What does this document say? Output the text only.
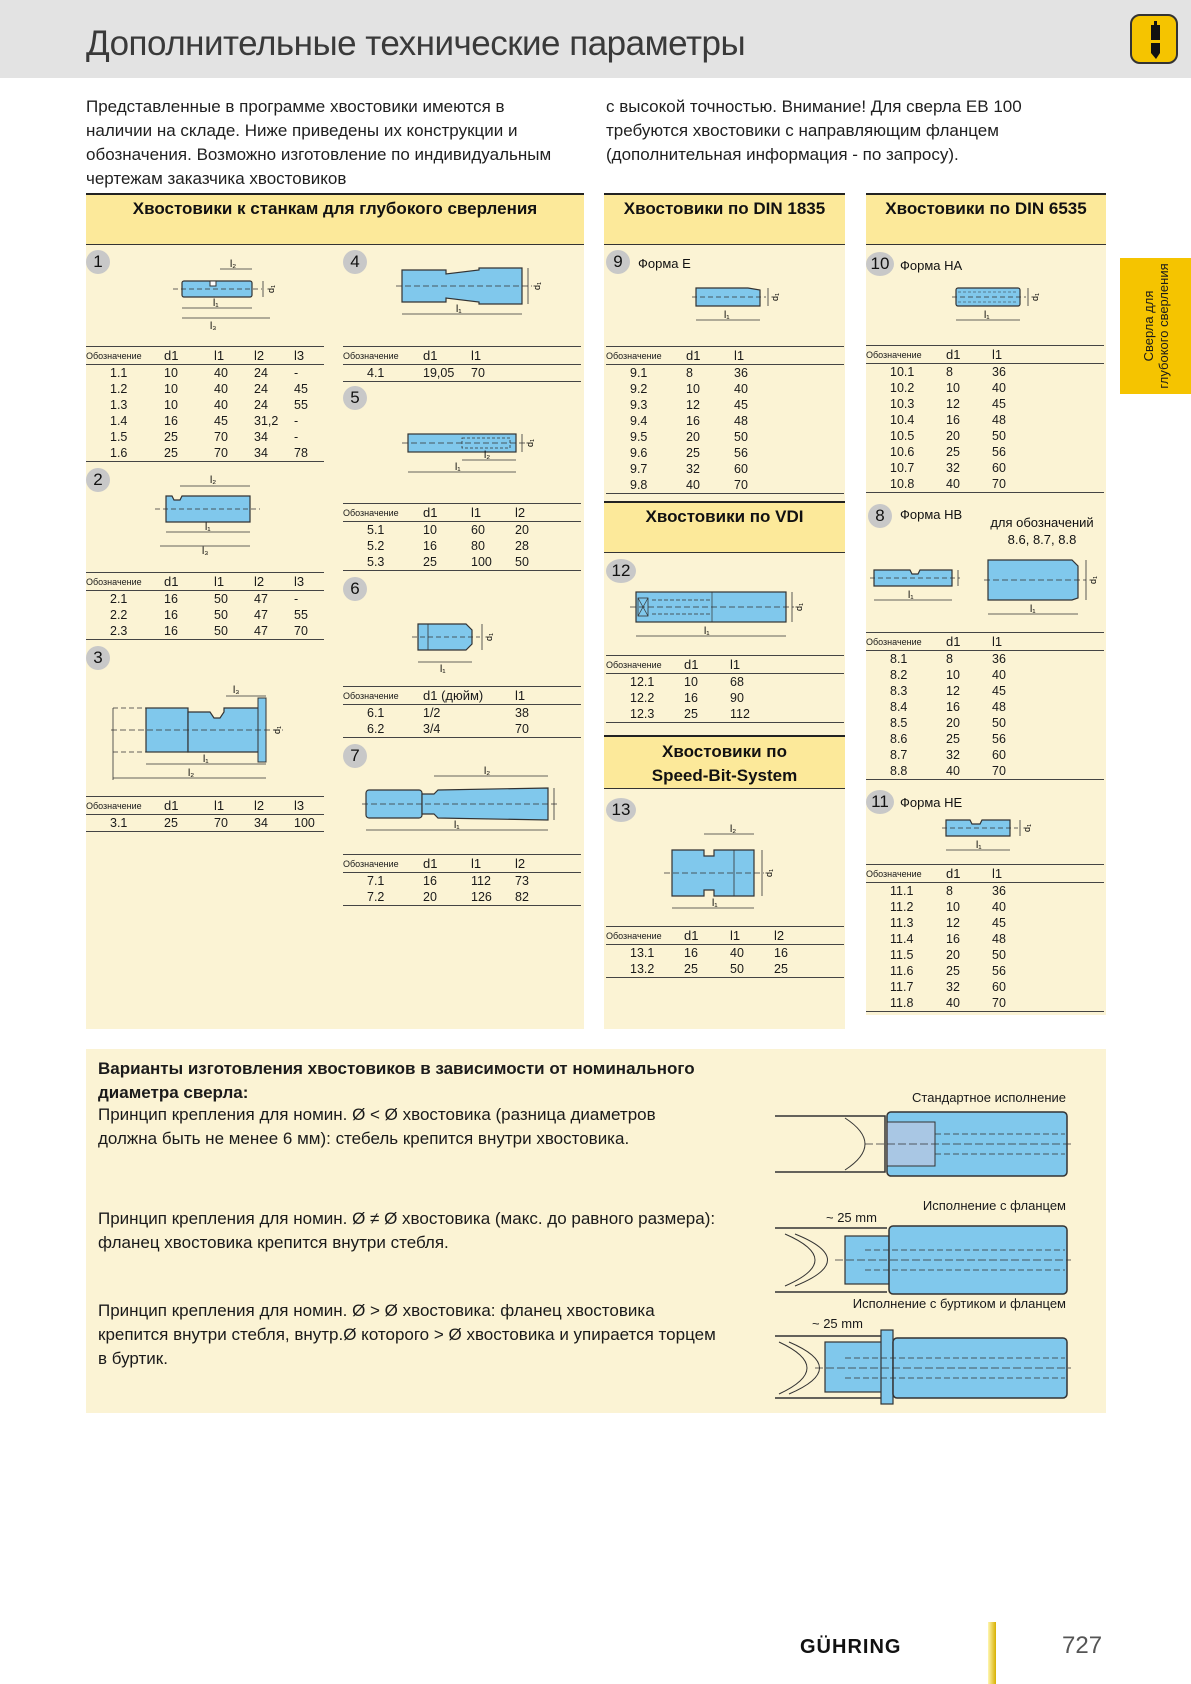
Дополнительные технические параметры

Представленные в программе хвостовики имеются в наличии на складе. Ниже приведены их конструкции и обозначения. Возможно изготовление по индивидуальным чертежам заказчика хвостовиков

с высокой точностью. Внимание! Для сверла EB 100 требуются хвостовики с направляющим фланцем (дополнительная информация - по запросу).

Сверла для глубокого сверления
Хвостовики к станкам для глубокого сверления	Хвостовики по DIN 1835	Хвостовики по DIN 6535
Хвостовики по VDI
Хвостовики по
Speed-Bit-System
1	l₂
l₁
l₃
d₁
Обозначение	d1	l1	l2	l3
1.1	10	40	24	-
1.2	10	40	24	45
1.3	10	40	24	55
1.4	16	45	31,2	-
1.5	25	70	34	-
1.6	25	70	34	78
2	l₂
l₁
l₃
Обозначение	d1	l1	l2	l3
2.1	16	50	47	-
2.2	16	50	47	55
2.3	16	50	47	70
3
l₃
l₁
l₂
d₁
Обозначение	d1	l1	l2	l3
3.1	25	70	34	100
4
l₁
d₁
Обозначение	d1	l1
4.1	19,05	70
5
l₂
l₁
d₁
Обозначение	d1	l1	l2
5.1	10	60	20
5.2	16	80	28
5.3	25	100	50
6
l₁
d₁
Обозначение	d1 (дюйм)	l1
6.1	1/2	38
6.2	3/4	70
7
l₂
l₁
Обозначение	d1	l1	l2
7.1	16	112	73
7.2	20	126	82
9	Форма E
l₁
d₁
Обозначение	d1	l1
9.1	8	36
9.2	10	40
9.3	12	45
9.4	16	48
9.5	20	50
9.6	25	56
9.7	32	60
9.8	40	70
12
l₁
d₁
Обозначение	d1	l1
12.1	10	68
12.2	16	90
12.3	25	112
13
l₂
l₁
d₁
Обозначение	d1	l1	l2
13.1	16	40	16
13.2	25	50	25
10 Форма HA
l₁
d₁
Обозначение	d1	l1
10.1	8	36
10.2	10	40
10.3	12	45
10.4	16	48
10.5	20	50
10.6	25	56
10.7	32	60
10.8	40	70
8	Форма HB
для обозначений 8.6, 8.7, 8.8
l₁
l₁
d₁
Обозначение	d1	l1
8.1	8	36
8.2	10	40
8.3	12	45
8.4	16	48
8.5	20	50
8.6	25	56
8.7	32	60
8.8	40	70
11 Форма HE
l₁
d₁
Обозначение	d1	l1
11.1	8	36
11.2	10	40
11.3	12	45
11.4	16	48
11.5	20	50
11.6	25	56
11.7	32	60
11.8	40	70
Варианты изготовления хвостовиков в зависимости от номинального диаметра сверла:
Принцип крепления для номин. Ø < Ø хвостовика (разница диаметров должна быть не менее 6 мм): стебель крепится внутри хвостовика.
Принцип крепления для номин. Ø ≠ Ø хвостовика (макс. до равного размера): фланец хвостовика крепится внутри стебля.
Принцип крепления для номин. Ø > Ø хвостовика: фланец хвостовика крепится внутри стебля, внутр.Ø которого > Ø хвостовика и упирается торцем в буртик.
Стандартное исполнение
Исполнение с фланцем
~ 25 mm
Исполнение с буртиком и фланцем
~ 25 mm
GÜHRING	727
